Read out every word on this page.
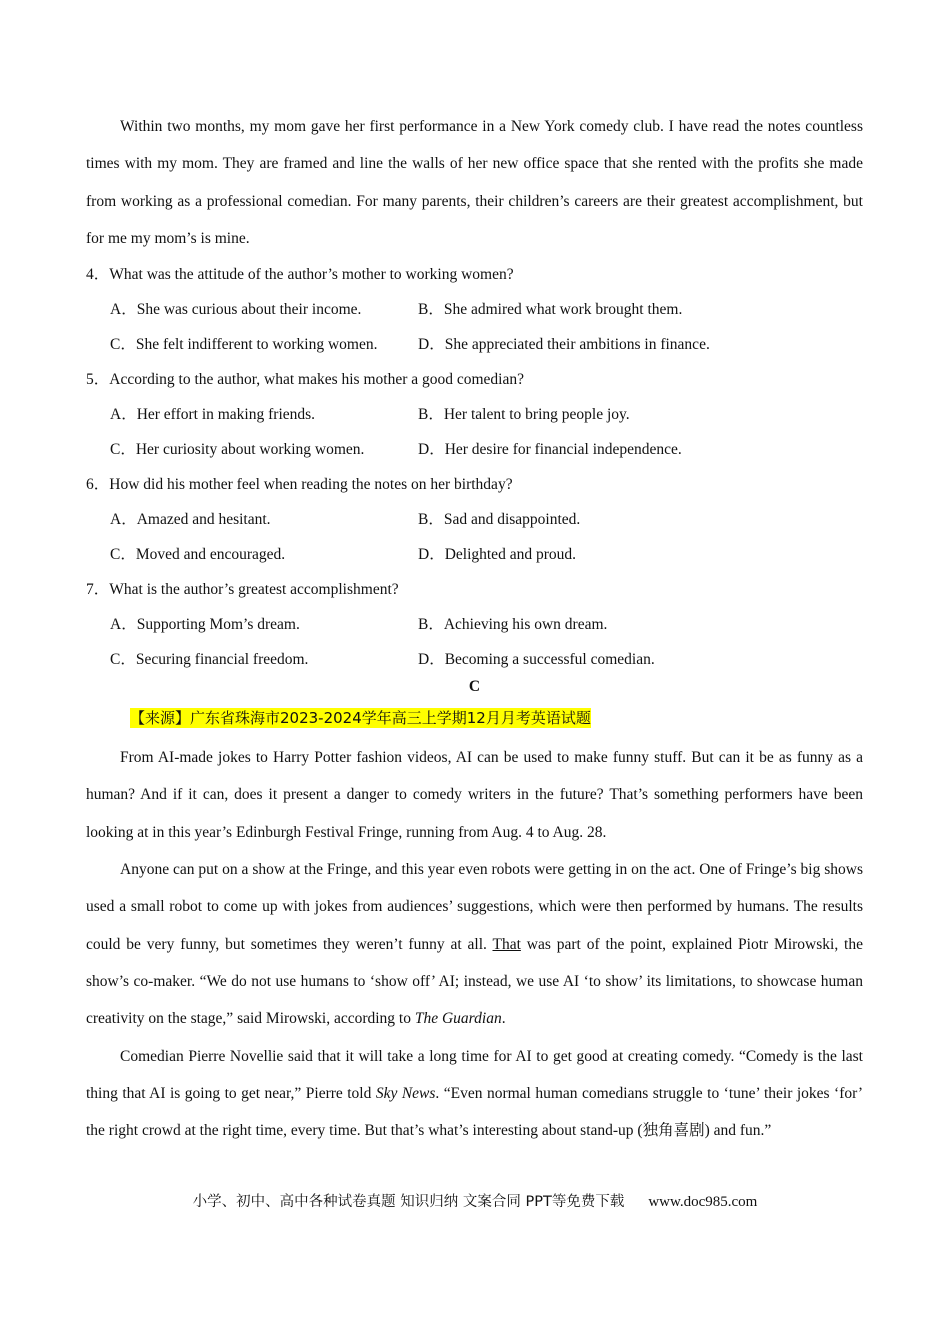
Within two months, my mom gave her first performance in a New York comedy club. I have read the notes countless times with my mom. They are framed and line the walls of her new office space that she rented with the profits she made from working as a professional comedian. For many parents, their children’s careers are their greatest accomplishment, but for me my mom’s is mine.

4．What was the attitude of the author’s mother to working women?

A．She was curious about their income.	B．She admired what work brought them.
C．She felt indifferent to working women.	D．She appreciated their ambitions in finance.

5．According to the author, what makes his mother a good comedian?

A．Her effort in making friends.	B．Her talent to bring people joy.
C．Her curiosity about working women.	D．Her desire for financial independence.

6．How did his mother feel when reading the notes on her birthday?

A．Amazed and hesitant.	B．Sad and disappointed.
C．Moved and encouraged.	D．Delighted and proud.

7．What is the author’s greatest accomplishment?

A．Supporting Mom’s dream.	B．Achieving his own dream.
C．Securing financial freedom.	D．Becoming a successful comedian.
C
【来源】广东省珠海市2023-2024学年高三上学期12月月考英语试题

From AI-made jokes to Harry Potter fashion videos, AI can be used to make funny stuff. But can it be as funny as a human? And if it can, does it present a danger to comedy writers in the future? That’s something performers have been looking at in this year’s Edinburgh Festival Fringe, running from Aug. 4 to Aug. 28.

Anyone can put on a show at the Fringe, and this year even robots were getting in on the act. One of Fringe’s big shows used a small robot to come up with jokes from audiences’ suggestions, which were then performed by humans. The results could be very funny, but sometimes they weren’t funny at all. That was part of the point, explained Piotr Mirowski, the show’s co-maker. “We do not use humans to ‘show off’ AI; instead, we use AI ‘to show’ its limitations, to showcase human creativity on the stage,” said Mirowski, according to The Guardian.

Comedian Pierre Novellie said that it will take a long time for AI to get good at creating comedy. “Comedy is the last thing that AI is going to get near,” Pierre told Sky News. “Even normal human comedians struggle to ‘tune’ their jokes ‘for’ the right crowd at the right time, every time. But that’s what’s interesting about stand-up (独角喜剧) and fun.”

小学、初中、高中各种试卷真题 知识归纳 文案合同 PPT等免费下载 www.doc985.com
